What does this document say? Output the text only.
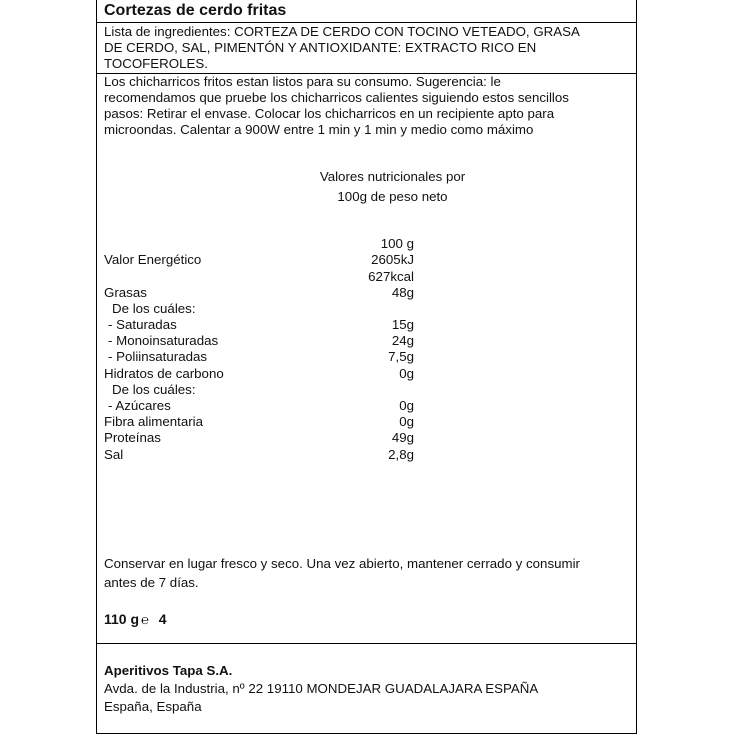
Cortezas de cerdo fritas
Lista de ingredientes: CORTEZA DE CERDO CON TOCINO VETEADO, GRASA
DE CERDO, SAL, PIMENTÓN Y ANTIOXIDANTE: EXTRACTO RICO EN
TOCOFEROLES.
Los chicharricos fritos estan listos para su consumo. Sugerencia: le
recomendamos que pruebe los chicharricos calientes siguiendo estos sencillos
pasos: Retirar el envase. Colocar los chicharricos en un recipiente apto para
microondas. Calentar a 900W entre 1 min y 1 min y medio como máximo
Valores nutricionales por
100g de peso neto
100 g
Valor Energético	2605kJ
627kcal
Grasas	48g
De los cuáles:
- Saturadas	15g
- Monoinsaturadas	24g
- Poliinsaturadas	7,5g
Hidratos de carbono	0g
De los cuáles:
- Azúcares	0g
Fibra alimentaria	0g
Proteínas	49g
Sal	2,8g
Conservar en lugar fresco y seco. Una vez abierto, mantener cerrado y consumir
antes de 7 días.
110 g ℮ 4
Aperitivos Tapa S.A.
Avda. de la Industria, nº 22 19110 MONDEJAR GUADALAJARA ESPAÑA
España, España
